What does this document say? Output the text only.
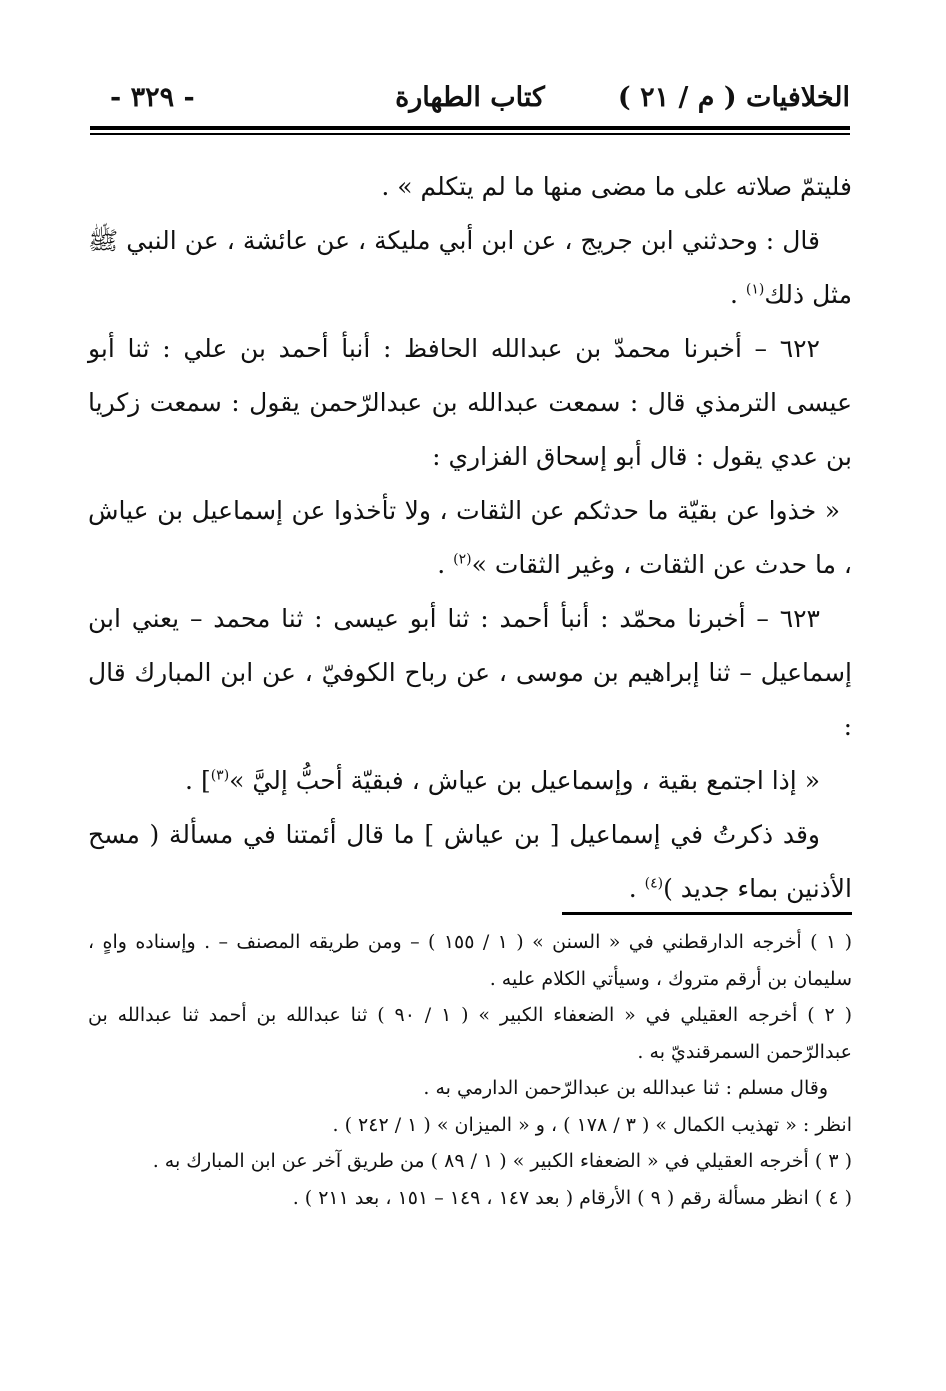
الخلافيات ( م / ٢١ )
كتاب الطهارة
- ٣٢٩ -

فليتمّ صلاته على ما مضى منها ما لم يتكلم » .

قال : وحدثني ابن جريج ، عن ابن أبي مليكة ، عن عائشة ، عن النبي ﷺ مثل ذلك$^{(١)}$ .

٦٢٢ – أخبرنا محمدّ بن عبدالله الحافظ : أنبأ أحمد بن علي : ثنا أبو عيسى الترمذي قال : سمعت عبدالله بن عبدالرّحمن يقول : سمعت زكريا بن عدي يقول : قال أبو إسحاق الفزاري :

« خذوا عن بقيّة ما حدثكم عن الثقات ، ولا تأخذوا عن إسماعيل بن عياش ، ما حدث عن الثقات ، وغير الثقات »$^{(٢)}$ .

٦٢٣ – أخبرنا محمّد : أنبأ أحمد : ثنا أبو عيسى : ثنا محمد – يعني ابن إسماعيل – ثنا إبراهيم بن موسى ، عن رباح الكوفيّ ، عن ابن المبارك قال :

« إذا اجتمع بقية ، وإسماعيل بن عياش ، فبقيّة أحبُّ إليَّ »$^{(٣)}$] .

وقد ذكرتُ في إسماعيل [ بن عياش ] ما قال أئمتنا في مسألة ( مسح الأذنين بماء جديد )$^{(٤)}$ .

( ١ ) أخرجه الدارقطني في « السنن » ( ١ / ١٥٥ ) – ومن طريقه المصنف – . وإسناده واهٍ ، سليمان بن أرقم متروك ، وسيأتي الكلام عليه .

( ٢ ) أخرجه العقيلي في « الضعفاء الكبير » ( ١ / ٩٠ ) ثنا عبدالله بن أحمد ثنا عبدالله بن عبدالرّحمن السمرقنديّ به .

وقال مسلم : ثنا عبدالله بن عبدالرّحمن الدارمي به .

انظر : « تهذيب الكمال » ( ٣ / ١٧٨ ) ، و « الميزان » ( ١ / ٢٤٢ ) .

( ٣ ) أخرجه العقيلي في « الضعفاء الكبير » ( ١ / ٨٩ ) من طريق آخر عن ابن المبارك به .

( ٤ ) انظر مسألة رقم ( ٩ ) الأرقام ( بعد ١٤٧ ، ١٤٩ – ١٥١ ، بعد ٢١١ ) .
